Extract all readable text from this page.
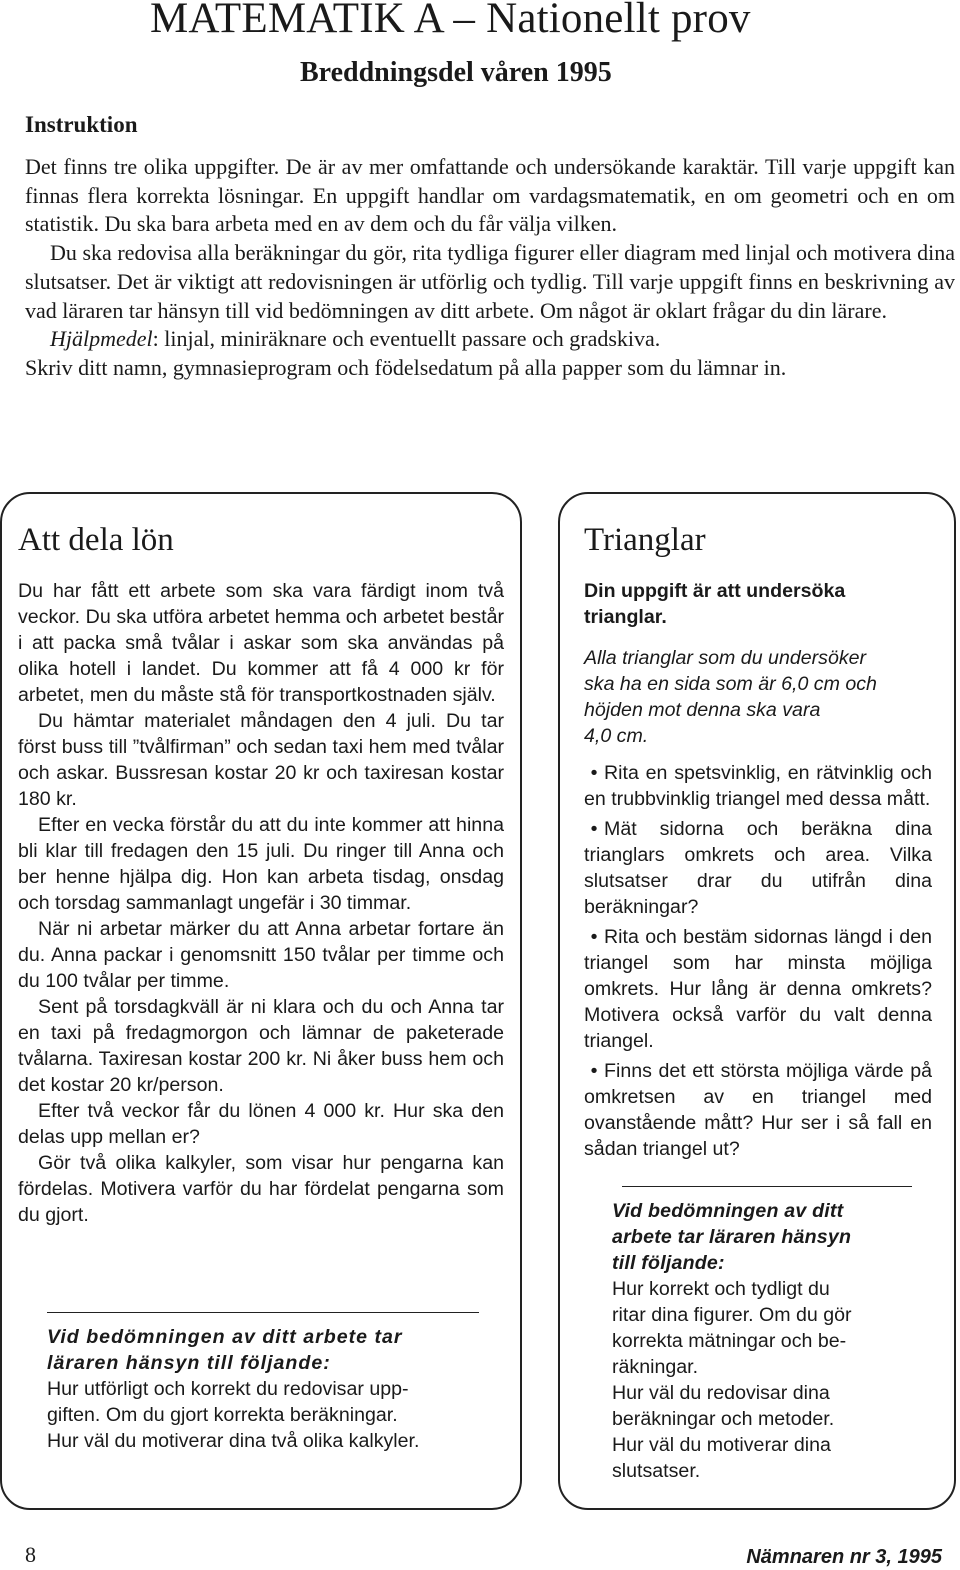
MATEMATIK A – Nationellt prov
Breddningsdel våren 1995
Instruktion

Det finns tre olika uppgifter. De är av mer omfattande och undersökande karaktär. Till varje uppgift kan finnas flera korrekta lösningar. En uppgift handlar om vardagsmatematik, en om geometri och en om statistik. Du ska bara arbeta med en av dem och du får välja vilken.

Du ska redovisa alla beräkningar du gör, rita tydliga figurer eller diagram med linjal och motivera dina slutsatser. Det är viktigt att redovisningen är utförlig och tydlig. Till varje uppgift finns en beskrivning av vad läraren tar hänsyn till vid bedömningen av ditt arbete. Om något är oklart frågar du din lärare.

Hjälpmedel: linjal, miniräknare och eventuellt passare och gradskiva.

Skriv ditt namn, gymnasieprogram och födelsedatum på alla papper som du lämnar in.

Att dela lön

Du har fått ett arbete som ska vara färdigt inom två veckor. Du ska utföra arbetet hemma och arbetet består i att packa små tvålar i askar som ska användas på olika hotell i landet. Du kommer att få 4 000 kr för arbetet, men du måste stå för transportkostnaden själv.

Du hämtar materialet måndagen den 4 juli. Du tar först buss till ”tvålfirman” och sedan taxi hem med tvålar och askar. Bussresan kostar 20 kr och taxiresan kostar 180 kr.

Efter en vecka förstår du att du inte kommer att hinna bli klar till fredagen den 15 juli. Du ringer till Anna och ber henne hjälpa dig. Hon kan arbeta tisdag, onsdag och torsdag sammanlagt ungefär i 30 timmar.

När ni arbetar märker du att Anna arbetar fortare än du. Anna packar i genomsnitt 150 tvålar per timme och du 100 tvålar per timme.

Sent på torsdagkväll är ni klara och du och Anna tar en taxi på fredagmorgon och lämnar de paketerade tvålarna. Taxiresan kostar 200 kr. Ni åker buss hem och det kostar 20 kr/person.

Efter två veckor får du lönen 4 000 kr. Hur ska den delas upp mellan er?

Gör två olika kalkyler, som visar hur pengarna kan fördelas. Motivera varför du har fördelat pengarna som du gjort.

Vid bedömningen av ditt arbete tar
läraren hänsyn till följande:
Hur utförligt och korrekt du redovisar upp-
giften. Om du gjort korrekta beräkningar.
Hur väl du motiverar dina två olika kalkyler.
Trianglar
Din uppgift är att undersöka
trianglar.
Alla trianglar som du undersöker
ska ha en sida som är 6,0 cm och
höjden mot denna ska vara
4,0 cm.

• Rita en spetsvinklig, en rätvinklig och en trubbvinklig triangel med dessa mått.

• Mät sidorna och beräkna dina trianglars omkrets och area. Vilka slutsatser drar du utifrån dina beräkningar?

• Rita och bestäm sidornas längd i den triangel som har minsta möjliga omkrets. Hur lång är denna omkrets? Motivera också varför du valt denna triangel.

• Finns det ett största möjliga värde på omkretsen av en triangel med ovanstående mått? Hur ser i så fall en sådan triangel ut?

Vid bedömningen av ditt
arbete tar läraren hänsyn
till följande:
Hur korrekt och tydligt du
ritar dina figurer. Om du gör
korrekta mätningar och be-
räkningar.
Hur väl du redovisar dina
beräkningar och metoder.
Hur väl du motiverar dina
slutsatser.
8	Nämnaren nr 3, 1995
